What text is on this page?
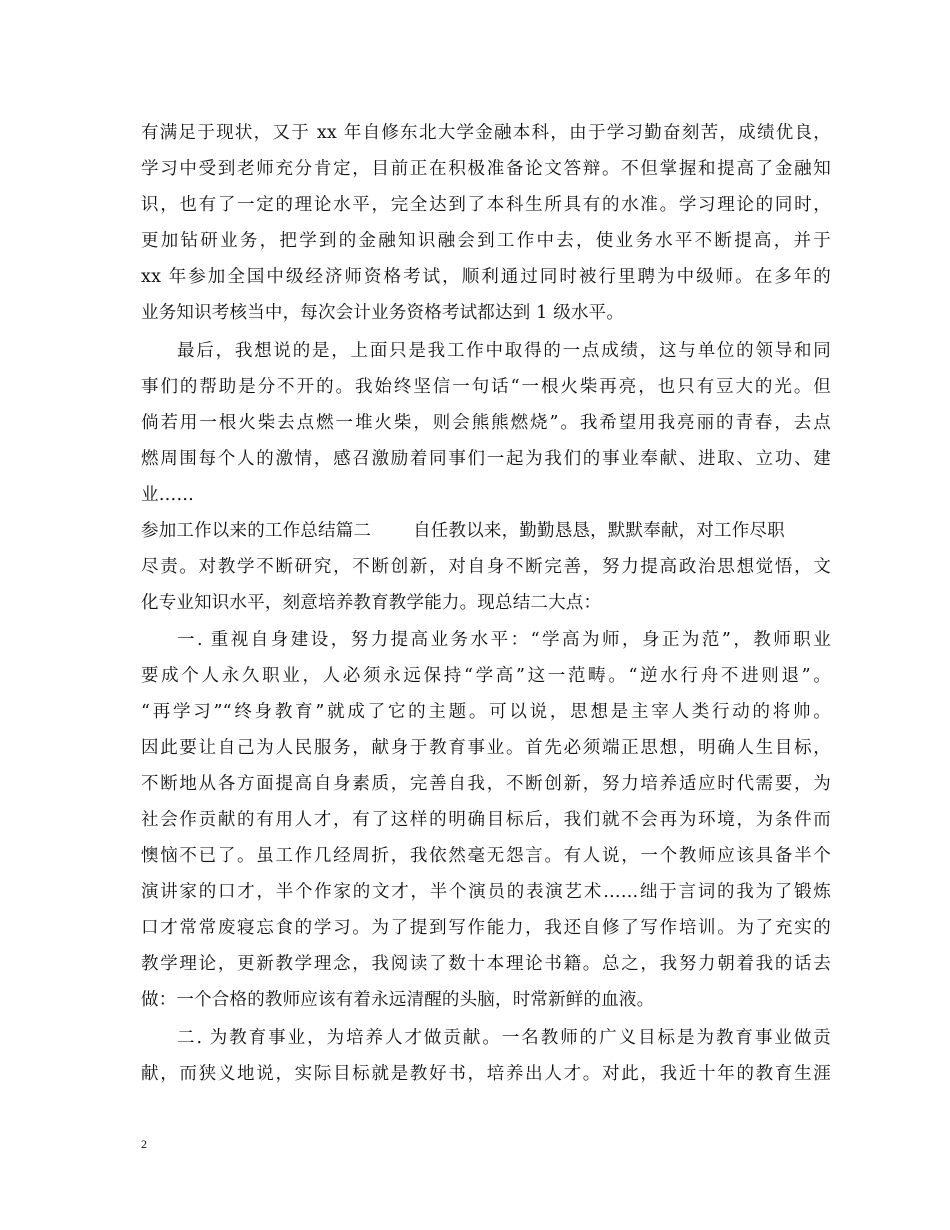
有满足于现状，又于 xx 年自修东北大学金融本科，由于学习勤奋刻苦，成绩优良，
学习中受到老师充分肯定，目前正在积极准备论文答辩。不但掌握和提高了金融知
识，也有了一定的理论水平，完全达到了本科生所具有的水准。学习理论的同时，
更加钻研业务，把学到的金融知识融会到工作中去，使业务水平不断提高，并于
xx 年参加全国中级经济师资格考试，顺利通过同时被行里聘为中级师。在多年的
业务知识考核当中，每次会计业务资格考试都达到 1 级水平。
最后，我想说的是，上面只是我工作中取得的一点成绩，这与单位的领导和同
事们的帮助是分不开的。我始终坚信一句话“一根火柴再亮，也只有豆大的光。但
倘若用一根火柴去点燃一堆火柴，则会熊熊燃烧”。我希望用我亮丽的青春，去点
燃周围每个人的激情，感召激励着同事们一起为我们的事业奉献、进取、立功、建
业……
参加工作以来的工作总结篇二 自任教以来，勤勤恳恳，默默奉献，对工作尽职
尽责。对教学不断研究，不断创新，对自身不断完善，努力提高政治思想觉悟，文
化专业知识水平，刻意培养教育教学能力。现总结二大点：
一. 重视自身建设，努力提高业务水平：“学高为师，身正为范”，教师职业
要成个人永久职业，人必须永远保持“学高”这一范畴。“逆水行舟不进则退”。
“再学习”“终身教育”就成了它的主题。可以说，思想是主宰人类行动的将帅。
因此要让自己为人民服务，献身于教育事业。首先必须端正思想，明确人生目标，
不断地从各方面提高自身素质，完善自我，不断创新，努力培养适应时代需要，为
社会作贡献的有用人才，有了这样的明确目标后，我们就不会再为环境，为条件而
懊恼不已了。虽工作几经周折，我依然毫无怨言。有人说，一个教师应该具备半个
演讲家的口才，半个作家的文才，半个演员的表演艺术……绌于言词的我为了锻炼
口才常常废寝忘食的学习。为了提到写作能力，我还自修了写作培训。为了充实的
教学理论，更新教学理念，我阅读了数十本理论书籍。总之，我努力朝着我的话去
做：一个合格的教师应该有着永远清醒的头脑，时常新鲜的血液。
二. 为教育事业，为培养人才做贡献。一名教师的广义目标是为教育事业做贡
献，而狭义地说，实际目标就是教好书，培养出人才。对此，我近十年的教育生涯
2
